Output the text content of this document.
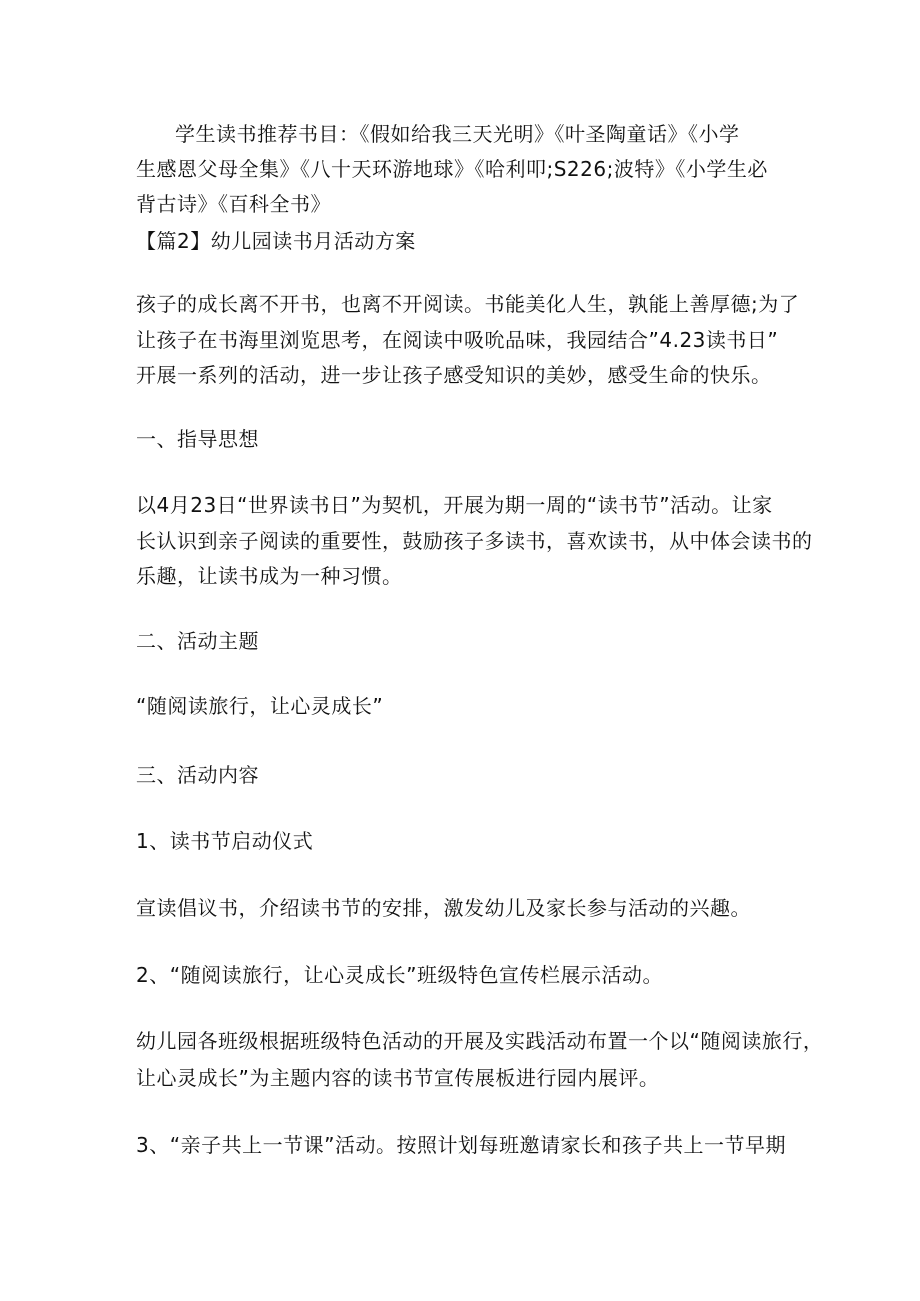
学生读书推荐书目：《假如给我三天光明》《叶圣陶童话》《小学
生感恩父母全集》《八十天环游地球》《哈利叩;S226;波特》《小学生必
背古诗》《百科全书》
【篇2】幼儿园读书月活动方案
孩子的成长离不开书，也离不开阅读。书能美化人生，孰能上善厚德;为了
让孩子在书海里浏览思考，在阅读中吸吮品味，我园结合”4.23读书日”
开展一系列的活动，进一步让孩子感受知识的美妙，感受生命的快乐。
一、指导思想
以4月23日“世界读书日”为契机，开展为期一周的“读书节”活动。让家
长认识到亲子阅读的重要性，鼓励孩子多读书，喜欢读书，从中体会读书的
乐趣，让读书成为一种习惯。
二、活动主题
“随阅读旅行，让心灵成长”
三、活动内容
1、读书节启动仪式
宣读倡议书，介绍读书节的安排，激发幼儿及家长参与活动的兴趣。
2、“随阅读旅行，让心灵成长”班级特色宣传栏展示活动。
幼儿园各班级根据班级特色活动的开展及实践活动布置一个以“随阅读旅行，
让心灵成长”为主题内容的读书节宣传展板进行园内展评。
3、“亲子共上一节课”活动。按照计划每班邀请家长和孩子共上一节早期
